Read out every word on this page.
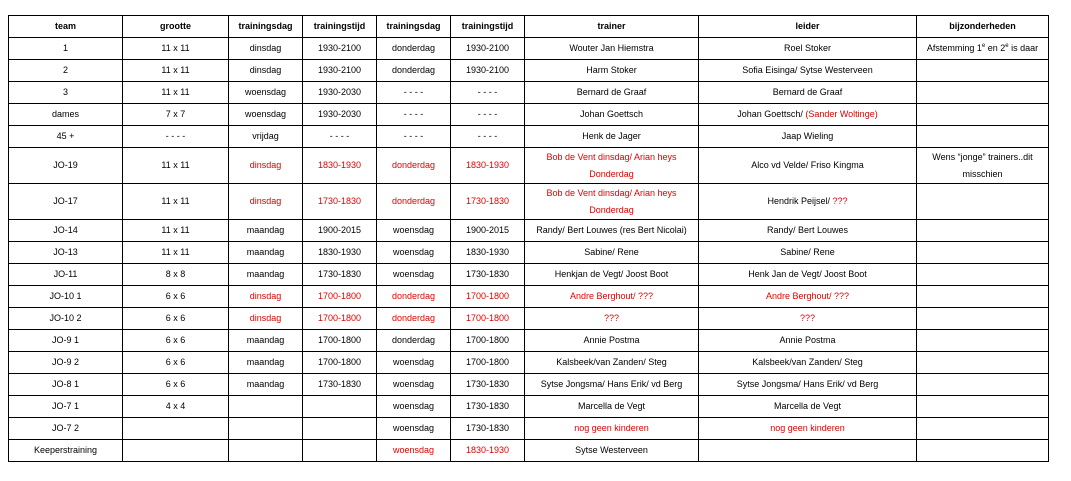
team	grootte	trainingsdag	trainingstijd	trainingsdag	trainingstijd	trainer	leider	bijzonderheden
1	11 x 11	dinsdag	1930-2100	donderdag	1930-2100	Wouter Jan Hiemstra	Roel Stoker	Afstemming 1e en 2e is daar
2	11 x 11	dinsdag	1930-2100	donderdag	1930-2100	Harm Stoker	Sofia Eisinga/ Sytse Westerveen	
3	11 x 11	woensdag	1930-2030	- - - -	- - - -	Bernard de Graaf	Bernard de Graaf	
dames	7 x 7	woensdag	1930-2030	- - - -	- - - -	Johan Goettsch	Johan Goettsch/ (Sander Woltinge)	
45 +	- - - -	vrijdag	- - - -	- - - -	- - - -	Henk de Jager	Jaap Wieling	
JO-19	11 x 11	dinsdag	1830-1930	donderdag	1830-1930	Bob de Vent dinsdag/ Arian heys Donderdag	Alco vd Velde/ Friso Kingma	Wens “jonge” trainers..dit misschien
JO-17	11 x 11	dinsdag	1730-1830	donderdag	1730-1830	Bob de Vent dinsdag/ Arian heys Donderdag	Hendrik Peijsel/ ???	
JO-14	11 x 11	maandag	1900-2015	woensdag	1900-2015	Randy/ Bert Louwes (res Bert Nicolai)	Randy/ Bert Louwes	
JO-13	11 x 11	maandag	1830-1930	woensdag	1830-1930	Sabine/ Rene	Sabine/ Rene	
JO-11	8 x 8	maandag	1730-1830	woensdag	1730-1830	Henkjan de Vegt/ Joost Boot	Henk Jan de Vegt/ Joost Boot	
JO-10 1	6 x 6	dinsdag	1700-1800	donderdag	1700-1800	Andre Berghout/ ???	Andre Berghout/ ???	
JO-10 2	6 x 6	dinsdag	1700-1800	donderdag	1700-1800	???	???	
JO-9 1	6 x 6	maandag	1700-1800	donderdag	1700-1800	Annie Postma	Annie Postma	
JO-9 2	6 x 6	maandag	1700-1800	woensdag	1700-1800	Kalsbeek/van Zanden/ Steg	Kalsbeek/van Zanden/ Steg	
JO-8 1	6 x 6	maandag	1730-1830	woensdag	1730-1830	Sytse Jongsma/ Hans Erik/ vd Berg	Sytse Jongsma/ Hans Erik/ vd Berg	
JO-7 1	4 x 4			woensdag	1730-1830	Marcella de Vegt	Marcella de Vegt	
JO-7 2				woensdag	1730-1830	nog geen kinderen	nog geen kinderen	
Keeperstraining				woensdag	1830-1930	Sytse Westerveen		
